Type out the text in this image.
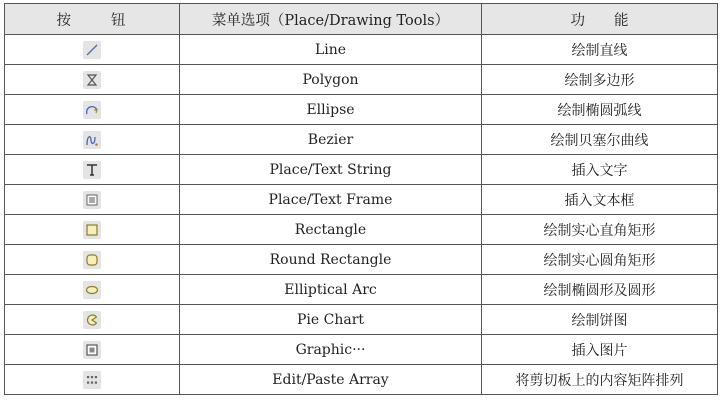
按 钮	菜单选项（Place/Drawing Tools）	功　　能

	Line	绘制直线

	Polygon	绘制多边形

	Ellipse	绘制椭圆弧线

	Bezier	绘制贝塞尔曲线

	Place/Text String	插入文字

	Place/Text Frame	插入文本框

	Rectangle	绘制实心直角矩形

	Round Rectangle	绘制实心圆角矩形

	Elliptical Arc	绘制椭圆形及圆形

	Pie Chart	绘制饼图

	Graphic···	插入图片

	Edit/Paste Array	将剪切板上的内容矩阵排列
